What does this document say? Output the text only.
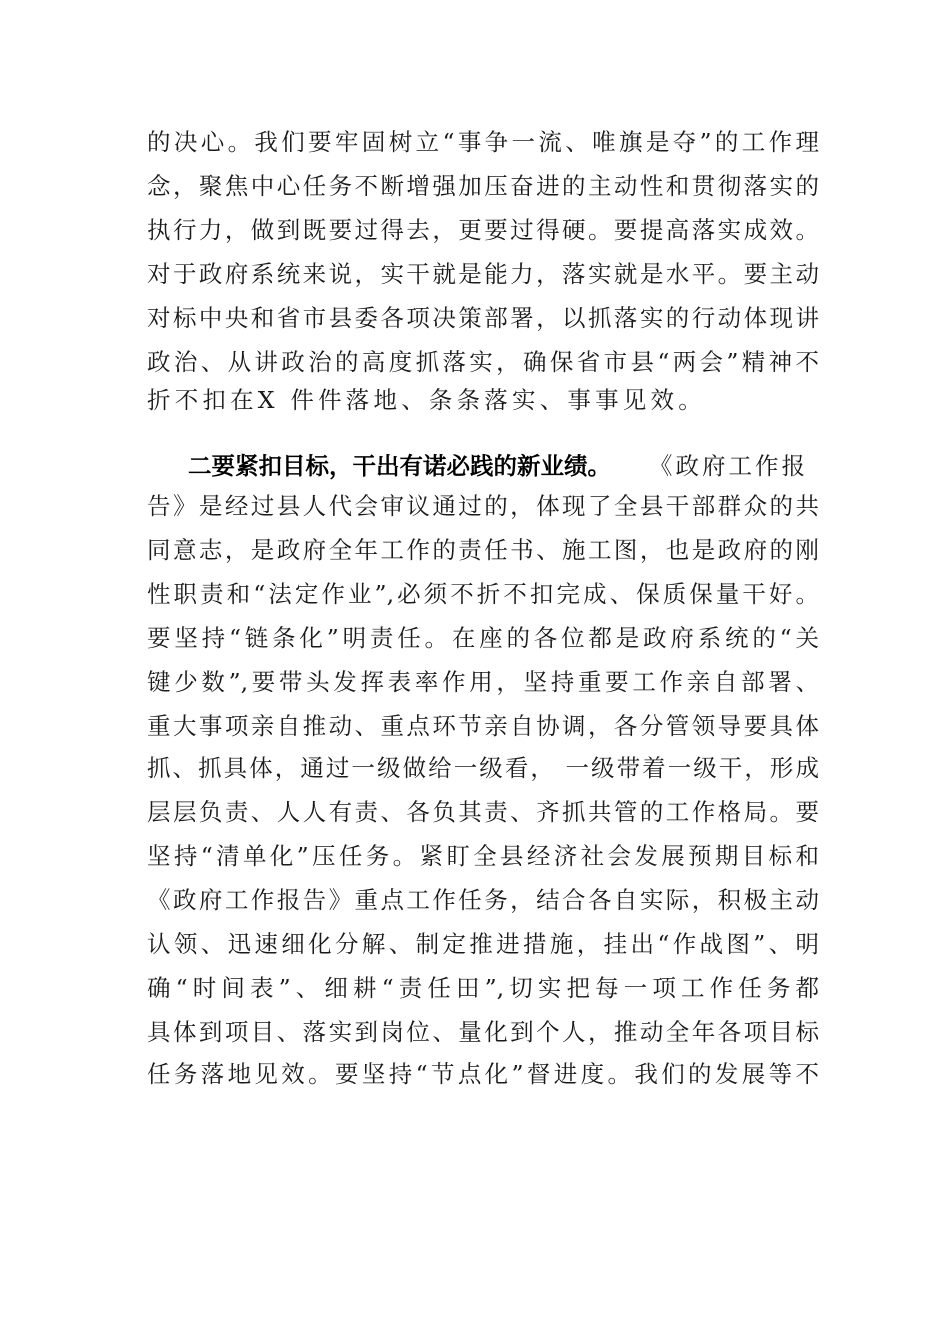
的决心。我们要牢固树立“事争一流、唯旗是夺”的工作理
念，聚焦中心任务不断增强加压奋进的主动性和贯彻落实的
执行力，做到既要过得去，更要过得硬。要提高落实成效。
对于政府系统来说，实干就是能力，落实就是水平。要主动
对标中央和省市县委各项决策部署，以抓落实的行动体现讲
政治、从讲政治的高度抓落实，确保省市县“两会”精神不
折不扣在X 件件落地、条条落实、事事见效。
二要紧扣目标，干出有诺必践的新业绩。 《政府工作报
告》是经过县人代会审议通过的，体现了全县干部群众的共
同意志，是政府全年工作的责任书、施工图，也是政府的刚
性职责和“法定作业”,必须不折不扣完成、保质保量干好。
要坚持“链条化”明责任。在座的各位都是政府系统的“关
键少数”,要带头发挥表率作用，坚持重要工作亲自部署、
重大事项亲自推动、重点环节亲自协调，各分管领导要具体
抓、抓具体，通过一级做给一级看， 一级带着一级干，形成
层层负责、人人有责、各负其责、齐抓共管的工作格局。要
坚持“清单化”压任务。紧盯全县经济社会发展预期目标和
《政府工作报告》重点工作任务，结合各自实际，积极主动
认领、迅速细化分解、制定推进措施，挂出“作战图”、明
确“时间表”、细耕“责任田”,切实把每一项工作任务都
具体到项目、落实到岗位、量化到个人，推动全年各项目标
任务落地见效。要坚持“节点化”督进度。我们的发展等不
